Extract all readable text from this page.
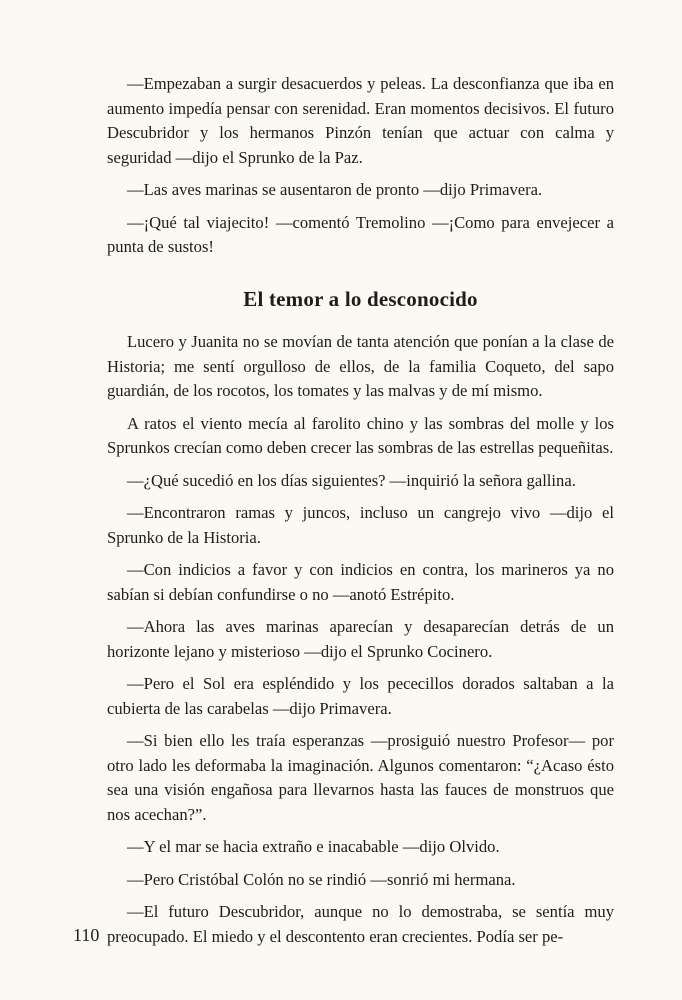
—Empezaban a surgir desacuerdos y peleas. La desconfianza que iba en aumento impedía pensar con serenidad. Eran momentos decisivos. El futuro Descubridor y los hermanos Pinzón tenían que actuar con calma y seguridad —dijo el Sprunko de la Paz.

—Las aves marinas se ausentaron de pronto —dijo Primavera.

—¡Qué tal viajecito! —comentó Tremolino —¡Como para envejecer a punta de sustos!

El temor a lo desconocido

Lucero y Juanita no se movían de tanta atención que ponían a la clase de Historia; me sentí orgulloso de ellos, de la familia Coqueto, del sapo guardián, de los rocotos, los tomates y las malvas y de mí mismo.

A ratos el viento mecía al farolito chino y las sombras del molle y los Sprunkos crecían como deben crecer las sombras de las estrellas pequeñitas.

—¿Qué sucedió en los días siguientes? —inquirió la señora gallina.

—Encontraron ramas y juncos, incluso un cangrejo vivo —dijo el Sprunko de la Historia.

—Con indicios a favor y con indicios en contra, los marineros ya no sabían si debían confundirse o no —anotó Estrépito.

—Ahora las aves marinas aparecían y desaparecían detrás de un horizonte lejano y misterioso —dijo el Sprunko Cocinero.

—Pero el Sol era espléndido y los pececillos dorados saltaban a la cubierta de las carabelas —dijo Primavera.

—Si bien ello les traía esperanzas —prosiguió nuestro Profesor— por otro lado les deformaba la imaginación. Algunos comentaron: “¿Acaso ésto sea una visión engañosa para llevarnos hasta las fauces de monstruos que nos acechan?”.

—Y el mar se hacia extraño e inacabable —dijo Olvido.

—Pero Cristóbal Colón no se rindió —sonrió mi hermana.

—El futuro Descubridor, aunque no lo demostraba, se sentía muy preocupado. El miedo y el descontento eran crecientes. Podía ser pe-

110
